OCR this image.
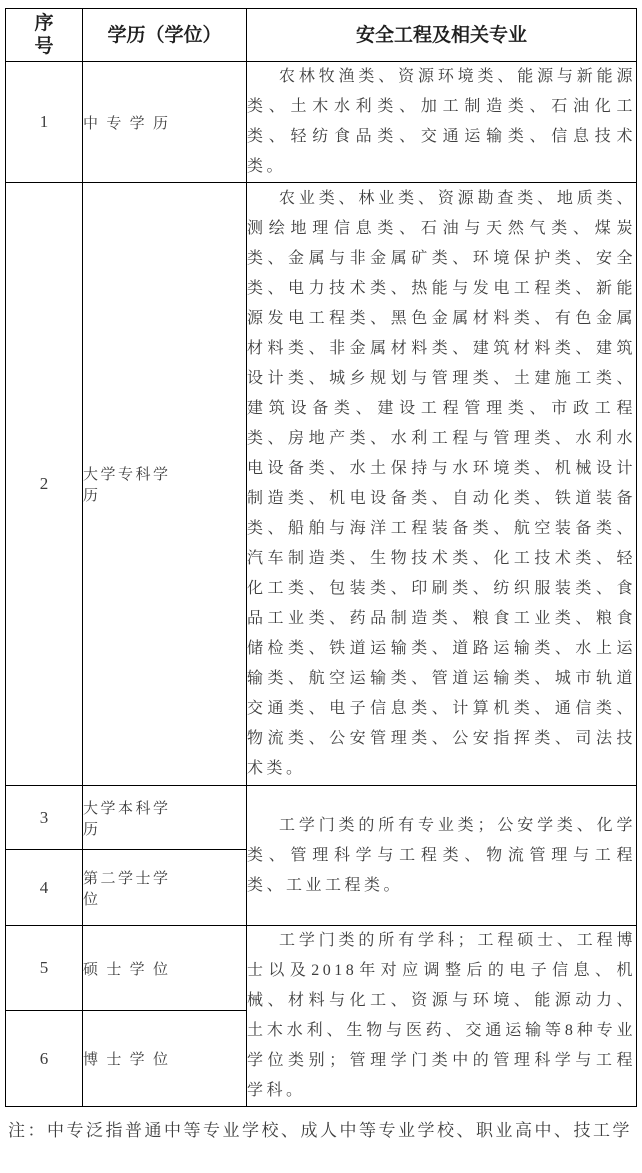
序号	学历（学位）	安全工程及相关专业
1	中专学历	农林牧渔类、资源环境类、能源与新能源类、土木水利类、加工制造类、石油化工类、轻纺食品类、交通运输类、信息技术类。

2	大学专科学历	农业类、林业类、资源勘查类、地质类、测绘地理信息类、石油与天然气类、煤炭类、金属与非金属矿类、环境保护类、安全类、电力技术类、热能与发电工程类、新能源发电工程类、黑色金属材料类、有色金属材料类、非金属材料类、建筑材料类、建筑设计类、城乡规划与管理类、土建施工类、建筑设备类、建设工程管理类、市政工程类、房地产类、水利工程与管理类、水利水电设备类、水土保持与水环境类、机械设计制造类、机电设备类、自动化类、铁道装备类、船舶与海洋工程装备类、航空装备类、汽车制造类、生物技术类、化工技术类、轻化工类、包装类、印刷类、纺织服装类、食品工业类、药品制造类、粮食工业类、粮食储检类、铁道运输类、道路运输类、水上运输类、航空运输类、管道运输类、城市轨道交通类、电子信息类、计算机类、通信类、物流类、公安管理类、公安指挥类、司法技术类。

3	大学本科学历	工学门类的所有专业类；公安学类、化学类、管理科学与工程类、物流管理与工程类、工业工程类。

4	第二学士学位	
5	硕士学位	工学门类的所有学科；工程硕士、工程博士以及2018年对应调整后的电子信息、机械、材料与化工、资源与环境、能源动力、土木水利、生物与医药、交通运输等8种专业学位类别；管理学门类中的管理科学与工程学科。

6	博士学位	
注：中专泛指普通中等专业学校、成人中等专业学校、职业高中、技工学
